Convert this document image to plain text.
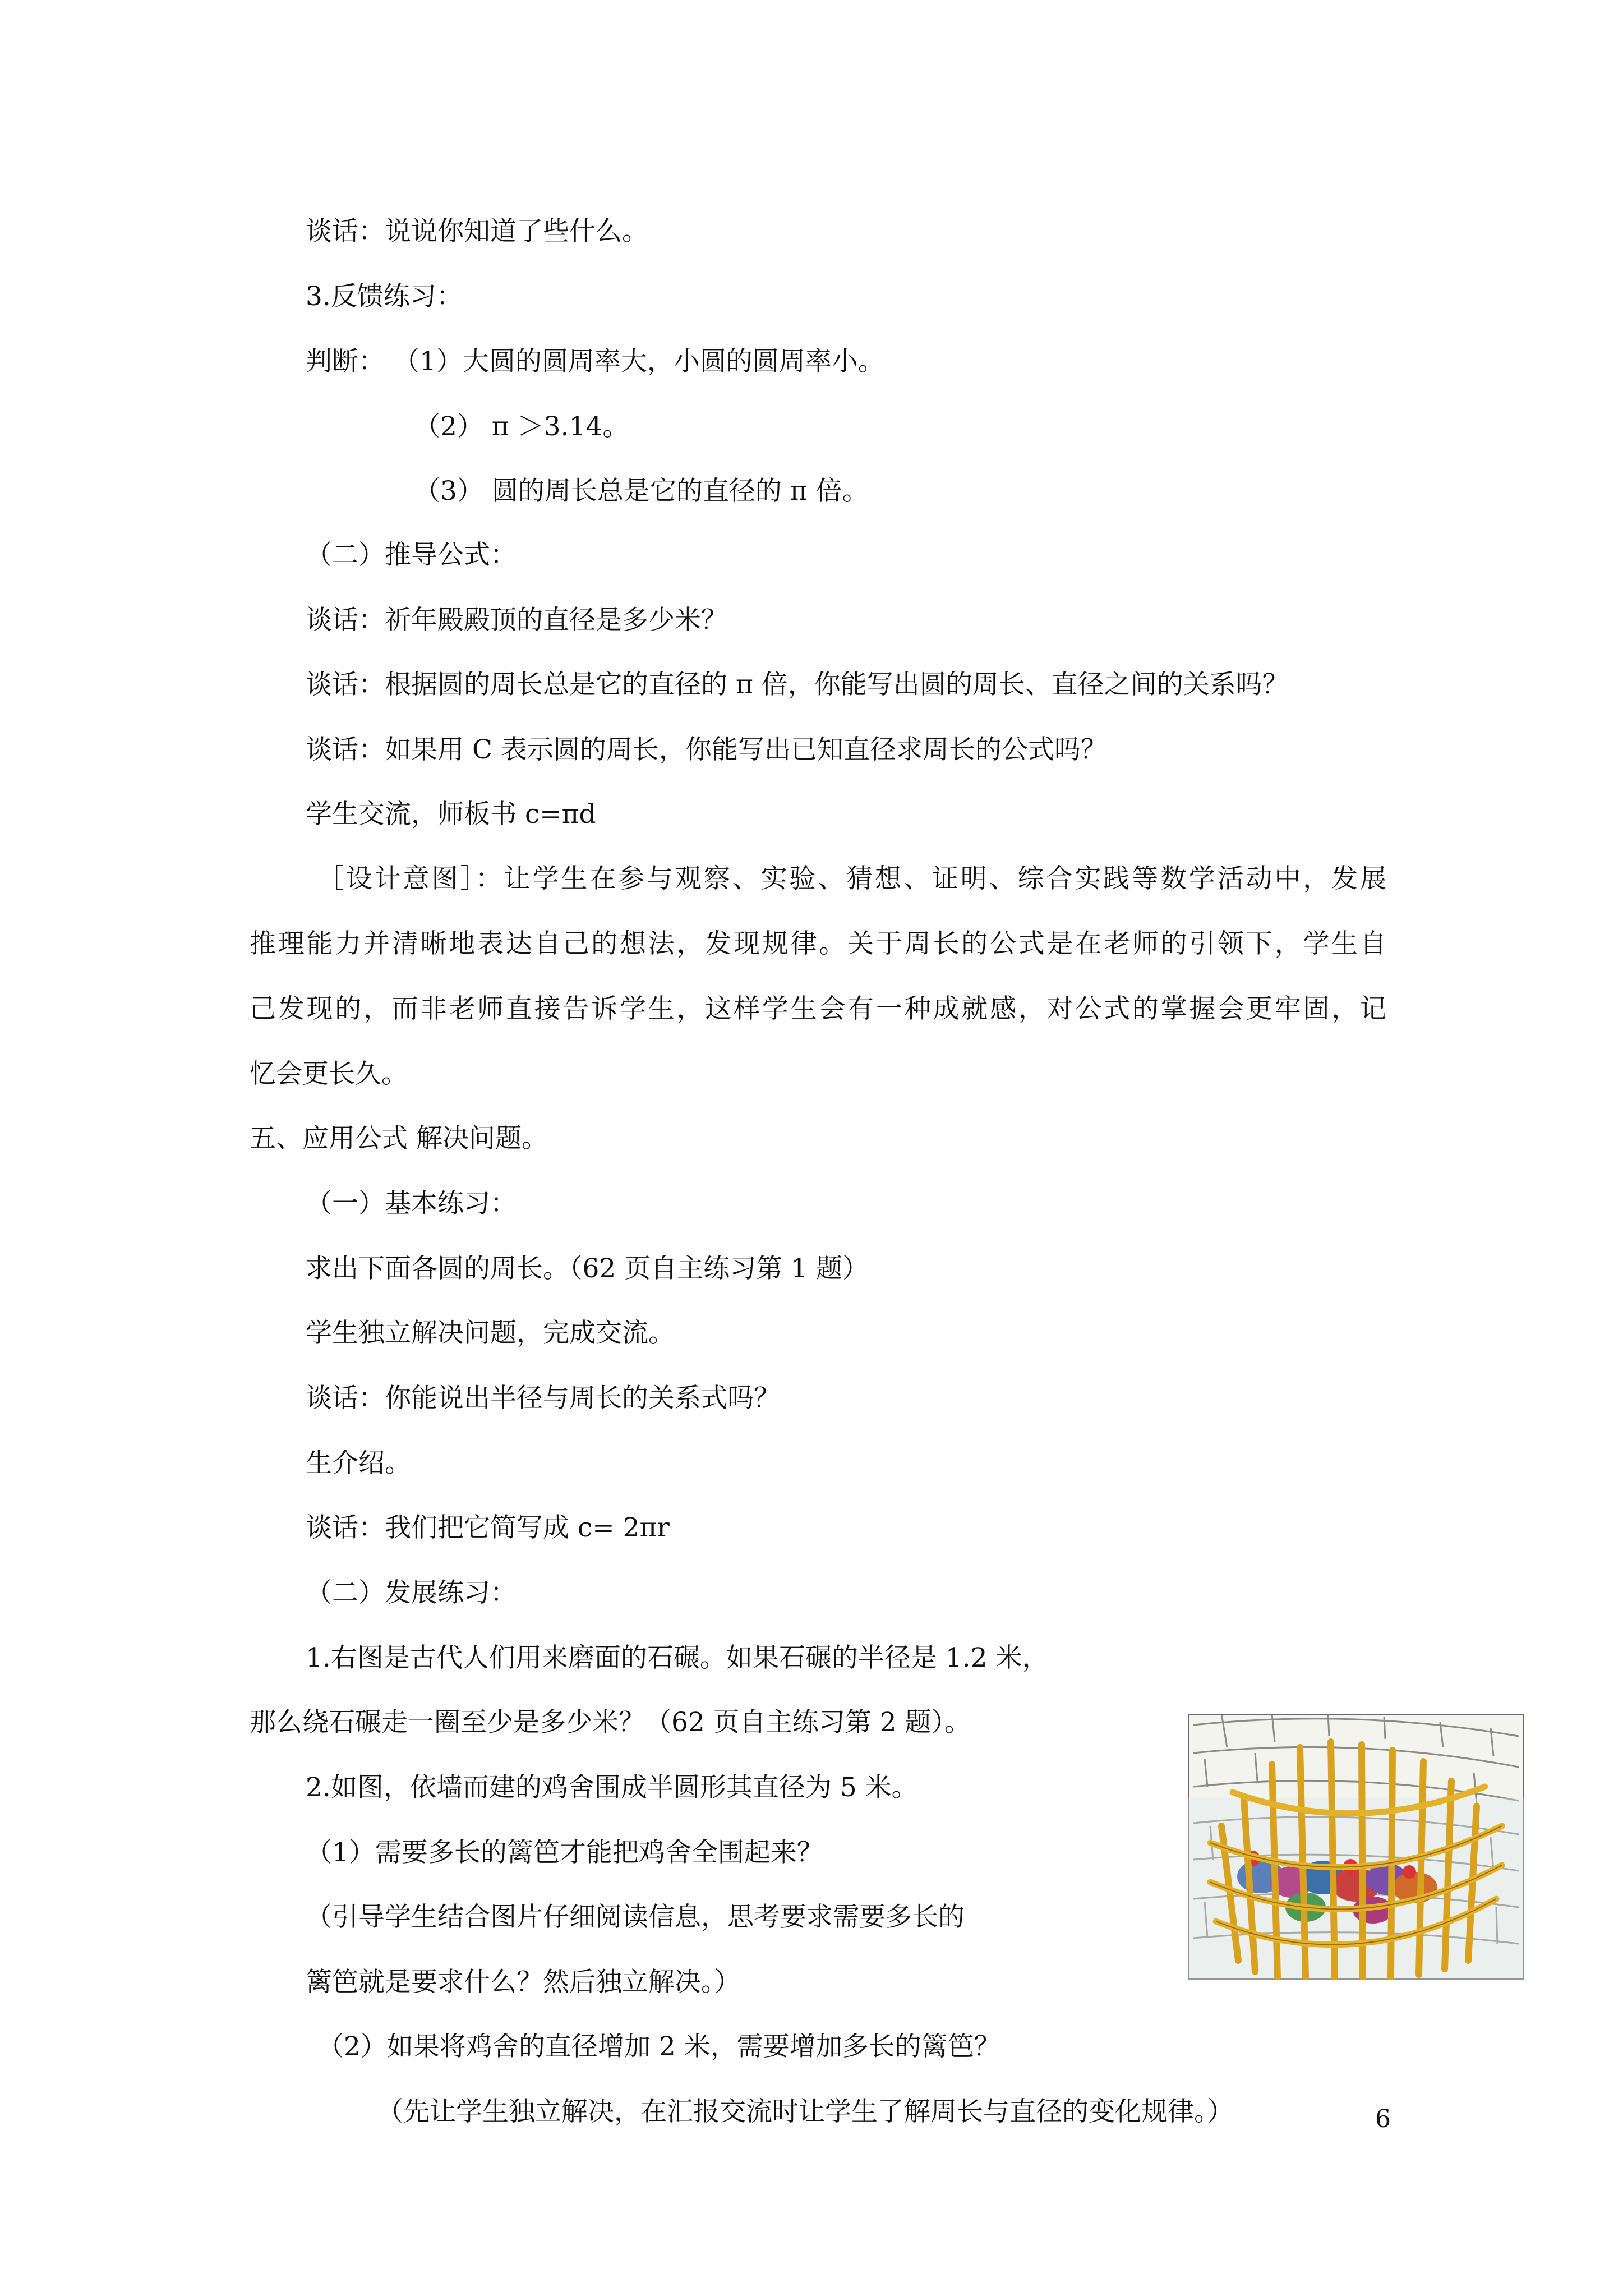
谈话：说说你知道了些什么。
3.反馈练习：
判断： （1）大圆的圆周率大，小圆的圆周率小。
（2） π ＞3.14。
（3） 圆的周长总是它的直径的 π 倍。
（二）推导公式：
谈话：祈年殿殿顶的直径是多少米？
谈话：根据圆的周长总是它的直径的 π 倍，你能写出圆的周长、直径之间的关系吗？
谈话：如果用 C 表示圆的周长，你能写出已知直径求周长的公式吗？
学生交流，师板书 c=πd
［设计意图］：让学生在参与观察、实验、猜想、证明、综合实践等数学活动中，发展
推理能力并清晰地表达自己的想法，发现规律。关于周长的公式是在老师的引领下，学生自
己发现的，而非老师直接告诉学生，这样学生会有一种成就感，对公式的掌握会更牢固，记
忆会更长久。
五、应用公式 解决问题。
（一）基本练习：
求出下面各圆的周长。（62 页自主练习第 1 题）
学生独立解决问题，完成交流。
谈话：你能说出半径与周长的关系式吗？
生介绍。
谈话：我们把它简写成 c= 2πr
（二）发展练习：
1.右图是古代人们用来磨面的石碾。如果石碾的半径是 1.2 米，
那么绕石碾走一圈至少是多少米？（62 页自主练习第 2 题）。
2.如图，依墙而建的鸡舍围成半圆形其直径为 5 米。
（1）需要多长的篱笆才能把鸡舍全围起来？
（引导学生结合图片仔细阅读信息，思考要求需要多长的
篱笆就是要求什么？然后独立解决。）
（2）如果将鸡舍的直径增加 2 米，需要增加多长的篱笆？
（先让学生独立解决，在汇报交流时让学生了解周长与直径的变化规律。）	6
